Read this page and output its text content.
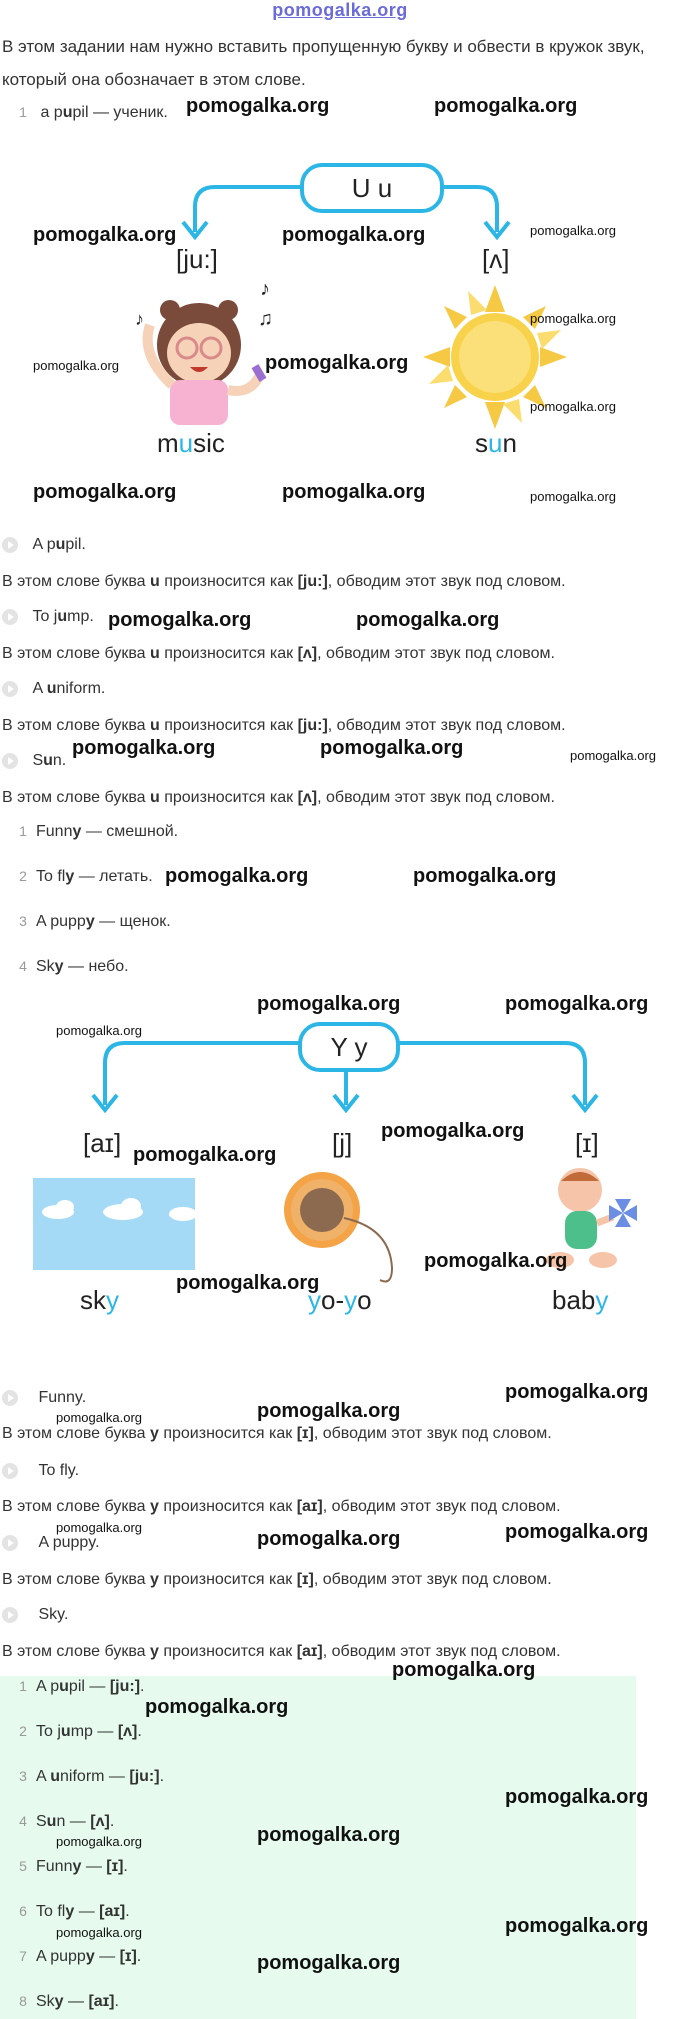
pomogalka.org
В этом задании нам нужно вставить пропущенную букву и обвести в кружок звук, который она обозначает в этом слове.
1 a pupil — ученик.
U u
[ju:]	[ʌ]
♪
♪	♫
music	sun
A pupil.
В этом слове буква u произносится как [ju:], обводим этот звук под словом.
To jump.
В этом слове буква u произносится как [ʌ], обводим этот звук под словом.
A uniform.
В этом слове буква u произносится как [ju:], обводим этот звук под словом.
Sun.
В этом слове буква u произносится как [ʌ], обводим этот звук под словом.
1 Funny — смешной.
2 To fly — летать.
3 A puppy — щенок.
4 Sky — небо.
Y y
[aɪ]	[j]	[ɪ]
sky	yo-yo	baby
Funny.
В этом слове буква y произносится как [ɪ], обводим этот звук под словом.
To fly.
В этом слове буква y произносится как [aɪ], обводим этот звук под словом.
A puppy.
В этом слове буква y произносится как [ɪ], обводим этот звук под словом.
Sky.
В этом слове буква y произносится как [aɪ], обводим этот звук под словом.
1 A pupil — [ju:].
2 To jump — [ʌ].
3 A uniform — [ju:].
4 Sun — [ʌ].
5 Funny — [ɪ].
6 To fly — [aɪ].
7 A puppy — [ɪ].
8 Sky — [aɪ].
pomogalka.org	pomogalka.org
pomogalka.org	pomogalka.org	pomogalka.org
pomogalka.org
pomogalka.org
pomogalka.org
pomogalka.org
pomogalka.org	pomogalka.org	pomogalka.org
pomogalka.org	pomogalka.org
pomogalka.org	pomogalka.org	pomogalka.org
pomogalka.org	pomogalka.org
pomogalka.org	pomogalka.org
pomogalka.org
pomogalka.org
pomogalka.org
pomogalka.org
pomogalka.org
pomogalka.org
pomogalka.org
pomogalka.org
pomogalka.org	pomogalka.org
pomogalka.org
pomogalka.org
pomogalka.org
pomogalka.org
pomogalka.org
pomogalka.org
pomogalka.org
pomogalka.org
pomogalka.org
